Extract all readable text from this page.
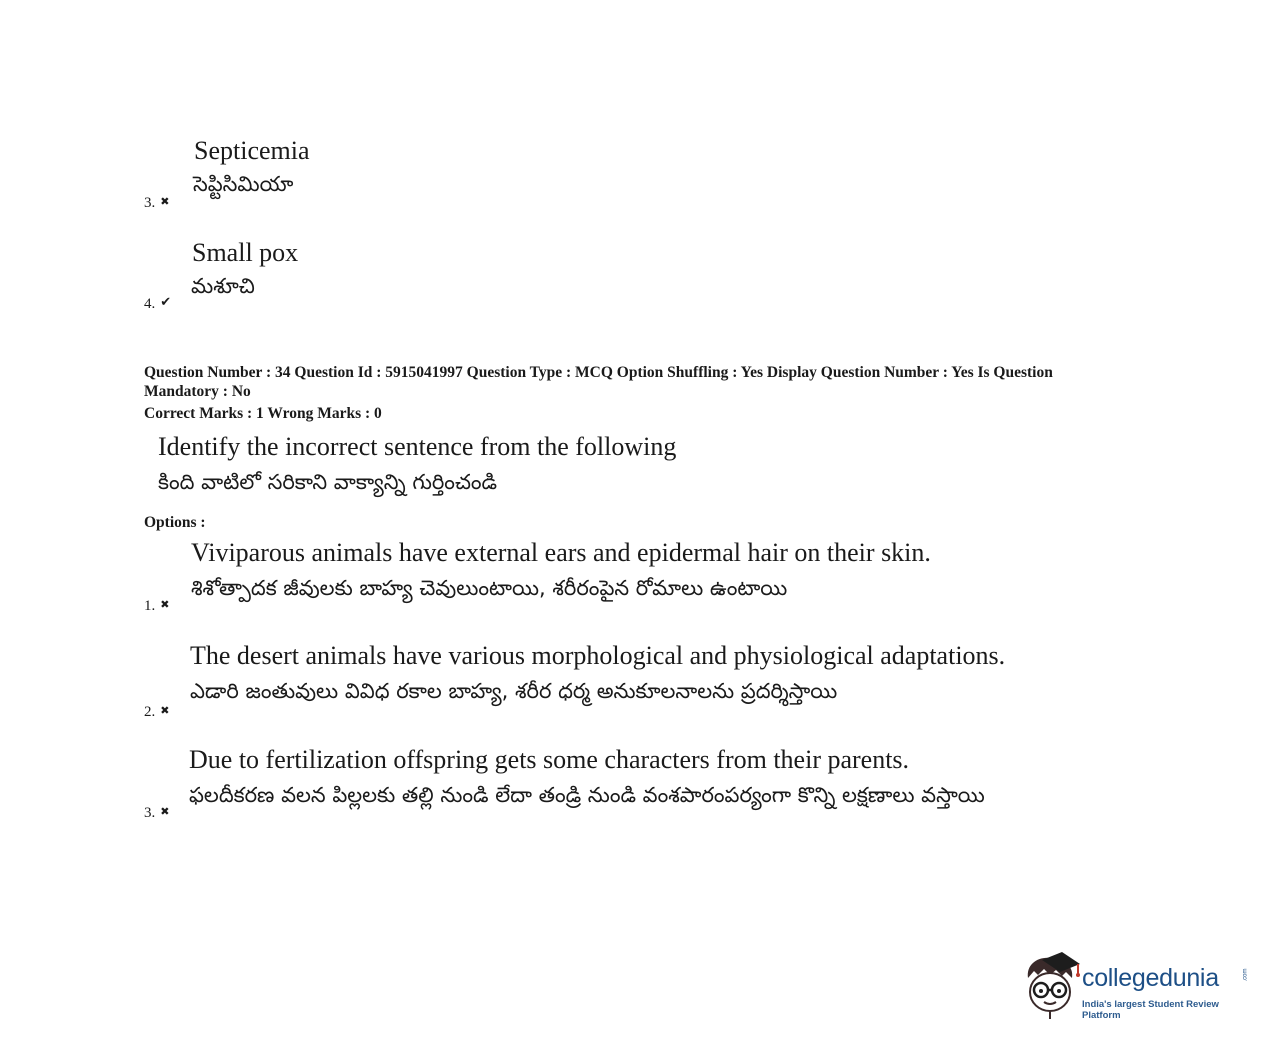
Septicemia
సెప్టిసిమియా
3. ✖
Small pox
మశూచి
4. ✔
Question Number : 34 Question Id : 5915041997 Question Type : MCQ Option Shuffling : Yes Display Question Number : Yes Is Question
Mandatory : No
Correct Marks : 1 Wrong Marks : 0
Identify the incorrect sentence from the following
కింది వాటిలో సరికాని వాక్యాన్ని గుర్తించండి
Options :
Viviparous animals have external ears and epidermal hair on their skin.
శిశోత్పాదక జీవులకు బాహ్య చెవులుంటాయి, శరీరంపైన రోమాలు ఉంటాయి
1. ✖
The desert animals have various morphological and physiological adaptations.
ఎడారి జంతువులు వివిధ రకాల బాహ్య, శరీర ధర్మ అనుకూలనాలను ప్రదర్శిస్తాయి
2. ✖
Due to fertilization offspring gets some characters from their parents.
ఫలదీకరణ వలన పిల్లలకు తల్లి నుండి లేదా తండ్రి నుండి వంశపారంపర్యంగా కొన్ని లక్షణాలు వస్తాయి
3. ✖
collegedunia	.com
India's largest Student Review Platform
